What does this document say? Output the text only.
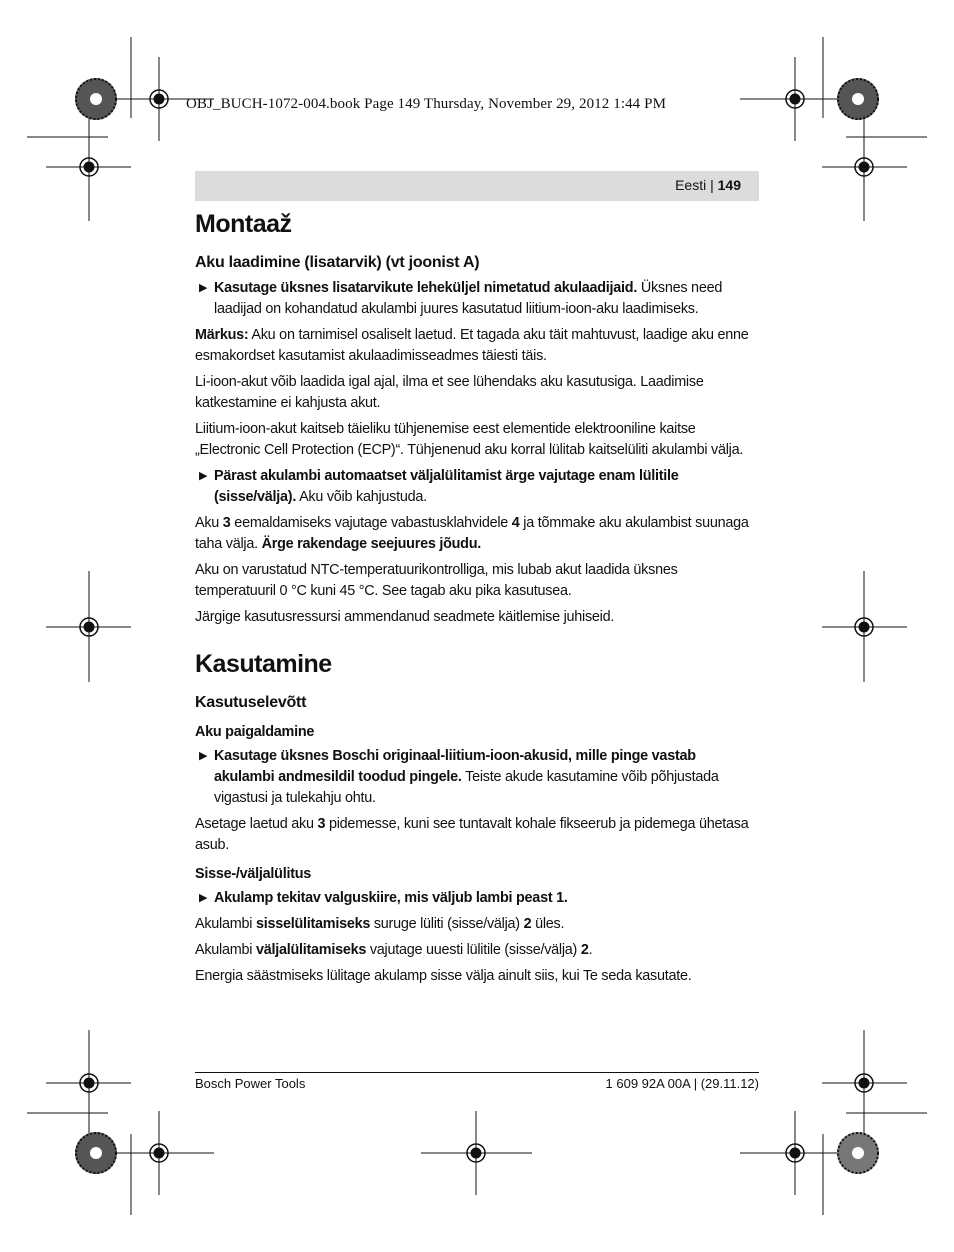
OBJ_BUCH-1072-004.book Page 149 Thursday, November 29, 2012 1:44 PM
Eesti | 149
Montaaž
Aku laadimine (lisatarvik) (vt joonist A)

▶ Kasutage üksnes lisatarvikute leheküljel nimetatud akulaadijaid. Üksnes need laadijad on kohandatud akulambi juures kasutatud liitium-ioon-aku laadimiseks.

Märkus: Aku on tarnimisel osaliselt laetud. Et tagada aku täit mahtuvust, laadige aku enne esmakordset kasutamist akulaadimisseadmes täiesti täis.

Li-ioon-akut võib laadida igal ajal, ilma et see lühendaks aku kasutusiga. Laadimise katkestamine ei kahjusta akut.

Liitium-ioon-akut kaitseb täieliku tühjenemise eest elementide elektrooniline kaitse „Electronic Cell Protection (ECP)“. Tühjenenud aku korral lülitab kaitselüliti akulambi välja.

▶ Pärast akulambi automaatset väljalülitamist ärge vajutage enam lülitile (sisse/välja). Aku võib kahjustuda.

Aku 3 eemaldamiseks vajutage vabastusklahvidele 4 ja tõmmake aku akulambist suunaga taha välja. Ärge rakendage seejuures jõudu.

Aku on varustatud NTC-temperatuurikontrolliga, mis lubab akut laadida üksnes temperatuuril 0 °C kuni 45 °C. See tagab aku pika kasutusea.

Järgige kasutusressursi ammendanud seadmete käitlemise juhiseid.

Kasutamine
Kasutuselevõtt
Aku paigaldamine

▶ Kasutage üksnes Boschi originaal-liitium-ioon-akusid, mille pinge vastab akulambi andmesildil toodud pingele. Teiste akude kasutamine võib põhjustada vigastusi ja tulekahju ohtu.

Asetage laetud aku 3 pidemesse, kuni see tuntavalt kohale fikseerub ja pidemega ühetasa asub.

Sisse-/väljalülitus

▶ Akulamp tekitav valguskiire, mis väljub lambi peast 1.

Akulambi sisselülitamiseks suruge lüliti (sisse/välja) 2 üles.

Akulambi väljalülitamiseks vajutage uuesti lülitile (sisse/välja) 2.

Energia säästmiseks lülitage akulamp sisse välja ainult siis, kui Te seda kasutate.

Bosch Power Tools	1 609 92A 00A | (29.11.12)
